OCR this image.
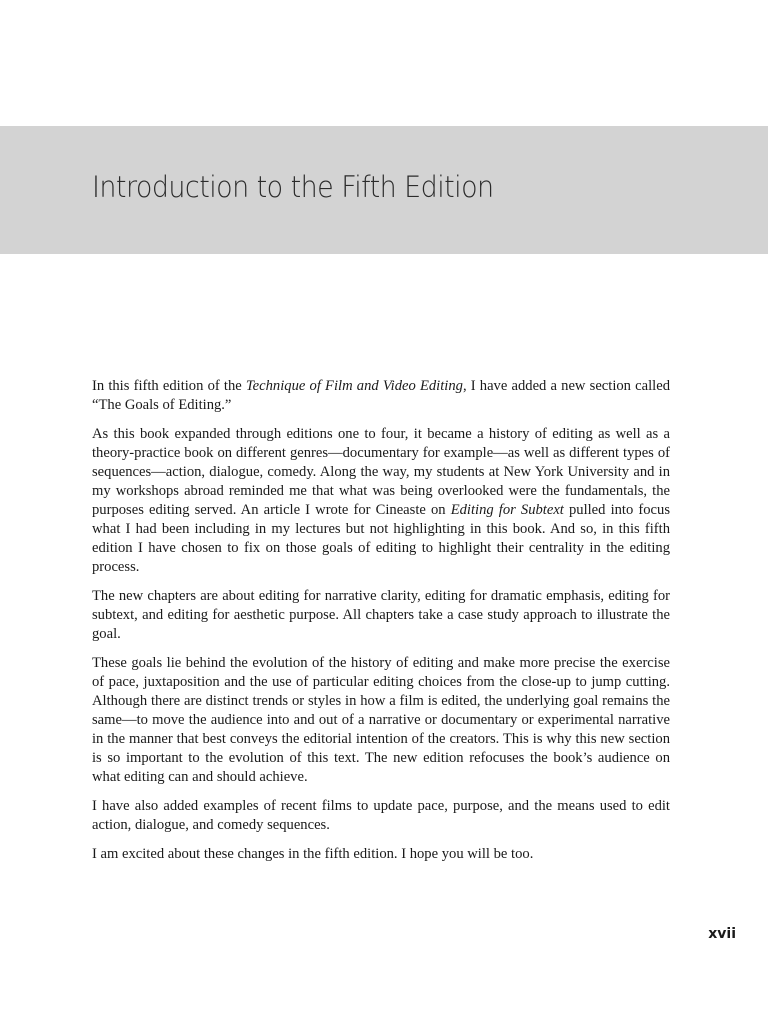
Introduction to the Fifth Edition

In this fifth edition of the Technique of Film and Video Editing, I have added a new section called “The Goals of Editing.”

As this book expanded through editions one to four, it became a history of editing as well as a theory-practice book on different genres—documentary for example—as well as different types of sequences—action, dialogue, comedy. Along the way, my students at New York University and in my workshops abroad reminded me that what was being overlooked were the fundamentals, the purposes editing served. An article I wrote for Cineaste on Editing for Subtext pulled into focus what I had been including in my lectures but not highlighting in this book. And so, in this fifth edition I have chosen to fix on those goals of editing to highlight their centrality in the editing process.

The new chapters are about editing for narrative clarity, editing for dramatic emphasis, editing for subtext, and editing for aesthetic purpose. All chapters take a case study approach to illustrate the goal.

These goals lie behind the evolution of the history of editing and make more precise the exercise of pace, juxtaposition and the use of particular editing choices from the close-up to jump cutting. Although there are distinct trends or styles in how a film is edited, the underlying goal remains the same—to move the audience into and out of a narrative or documentary or experimental narrative in the manner that best conveys the editorial intention of the creators. This is why this new section is so important to the evolution of this text. The new edition refocuses the book’s audience on what editing can and should achieve.

I have also added examples of recent films to update pace, purpose, and the means used to edit action, dialogue, and comedy sequences.

I am excited about these changes in the fifth edition. I hope you will be too.

xvii
